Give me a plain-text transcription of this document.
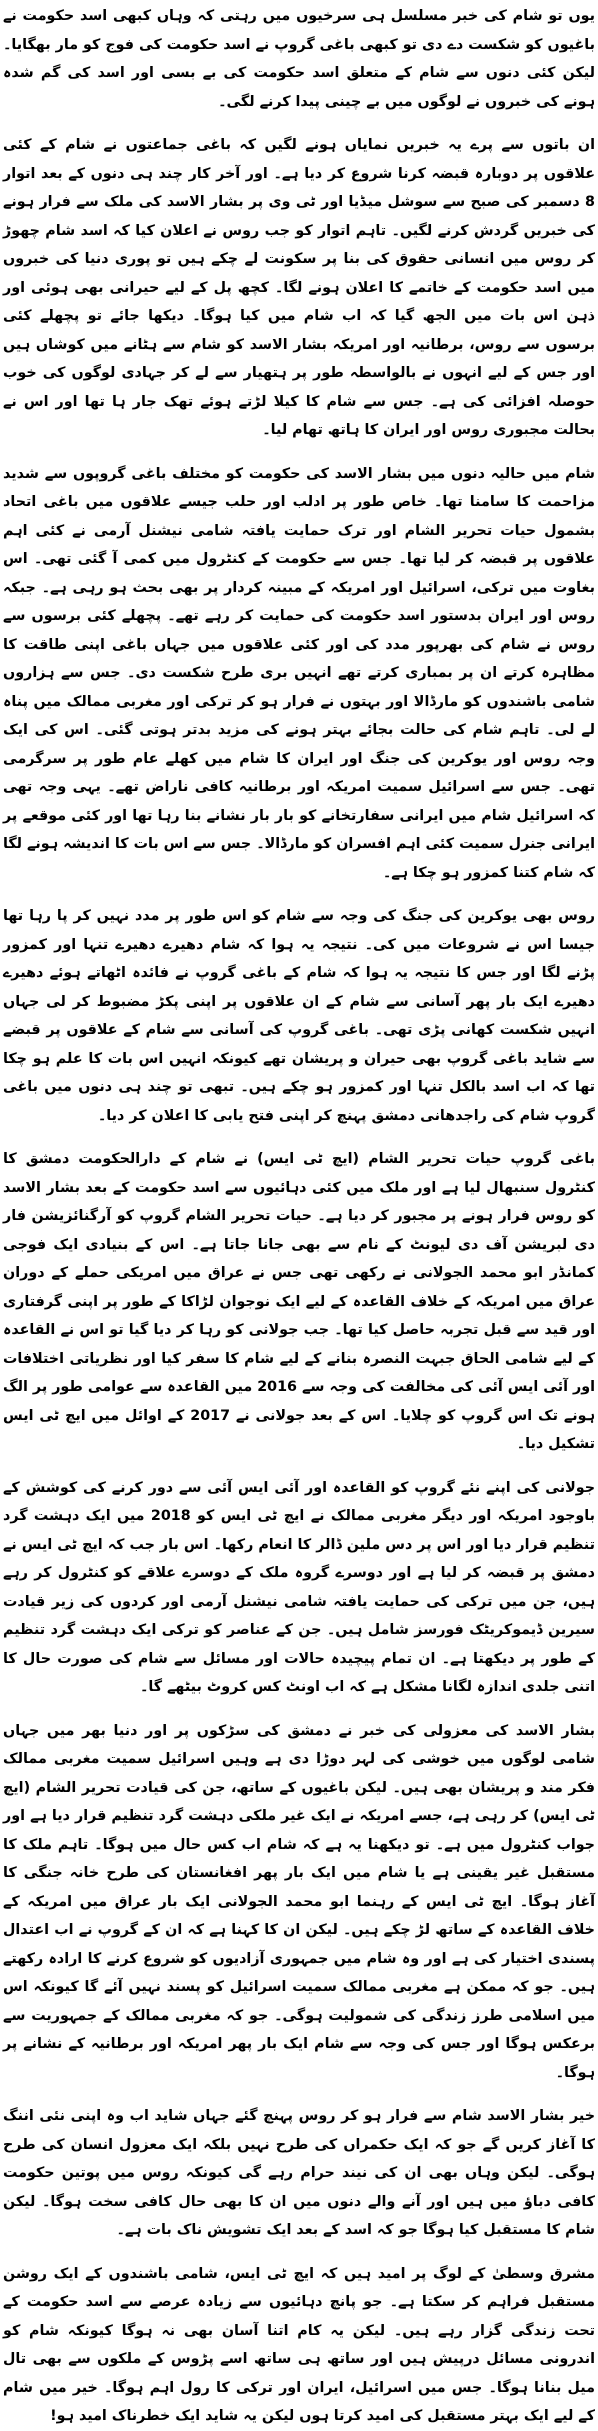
یوں تو شام کی خبر مسلسل ہی سرخیوں میں رہتی کہ وہاں کبھی اسد حکومت نے باغیوں کو شکست دے دی تو کبھی باغی گروپ نے اسد حکومت کی فوج کو مار بھگایا۔ لیکن کئی دنوں سے شام کے متعلق اسد حکومت کی بے بسی اور اسد کی گم شدہ ہونے کی خبروں نے لوگوں میں بے چینی پیدا کرنے لگی۔

ان باتوں سے پرے یہ خبریں نمایاں ہونے لگیں کہ باغی جماعتوں نے شام کے کئی علاقوں پر دوبارہ قبضہ کرنا شروع کر دیا ہے۔ اور آخر کار چند ہی دنوں کے بعد اتوار 8 دسمبر کی صبح سے سوشل میڈیا اور ٹی وی پر بشار الاسد کی ملک سے فرار ہونے کی خبریں گردش کرنے لگیں۔ تاہم اتوار کو جب روس نے اعلان کیا کہ اسد شام چھوڑ کر روس میں انسانی حقوق کی بنا پر سکونت لے چکے ہیں تو پوری دنیا کی خبروں میں اسد حکومت کے خاتمے کا اعلان ہونے لگا۔ کچھ پل کے لیے حیرانی بھی ہوئی اور ذہن اس بات میں الجھ گیا کہ اب شام میں کیا ہوگا۔ دیکھا جائے تو پچھلے کئی برسوں سے روس، برطانیہ اور امریکہ بشار الاسد کو شام سے ہٹانے میں کوشاں ہیں اور جس کے لیے انہوں نے بالواسطہ طور پر ہتھیار سے لے کر جہادی لوگوں کی خوب حوصلہ افزائی کی ہے۔ جس سے شام کا کیلا لڑتے ہوئے تھک جار ہا تھا اور اس نے بحالت مجبوری روس اور ایران کا ہاتھ تھام لیا۔

شام میں حالیہ دنوں میں بشار الاسد کی حکومت کو مختلف باغی گروپوں سے شدید مزاحمت کا سامنا تھا۔ خاص طور پر ادلب اور حلب جیسے علاقوں میں باغی اتحاد بشمول حیات تحریر الشام اور ترک حمایت یافتہ شامی نیشنل آرمی نے کئی اہم علاقوں پر قبضہ کر لیا تھا۔ جس سے حکومت کے کنٹرول میں کمی آ گئی تھی۔ اس بغاوت میں ترکی، اسرائیل اور امریکہ کے مبینہ کردار پر بھی بحث ہو رہی ہے۔ جبکہ روس اور ایران بدستور اسد حکومت کی حمایت کر رہے تھے۔ پچھلے کئی برسوں سے روس نے شام کی بھرپور مدد کی اور کئی علاقوں میں جہاں باغی اپنی طاقت کا مظاہرہ کرتے ان پر بمباری کرتے تھے انہیں بری طرح شکست دی۔ جس سے ہزاروں شامی باشندوں کو مارڈالا اور بہتوں نے فرار ہو کر ترکی اور مغربی ممالک میں پناہ لے لی۔ تاہم شام کی حالت بجائے بہتر ہونے کی مزید بدتر ہوتی گئی۔ اس کی ایک وجہ روس اور یوکرین کی جنگ اور ایران کا شام میں کھلے عام طور پر سرگرمی تھی۔ جس سے اسرائیل سمیت امریکہ اور برطانیہ کافی ناراض تھے۔ یہی وجہ تھی کہ اسرائیل شام میں ایرانی سفارتخانے کو بار بار نشانے بنا رہا تھا اور کئی موقعے پر ایرانی جنرل سمیت کئی اہم افسران کو مارڈالا۔ جس سے اس بات کا اندیشہ ہونے لگا کہ شام کتنا کمزور ہو چکا ہے۔

روس بھی یوکرین کی جنگ کی وجہ سے شام کو اس طور پر مدد نہیں کر پا رہا تھا جیسا اس نے شروعات میں کی۔ نتیجہ یہ ہوا کہ شام دھیرے دھیرے تنہا اور کمزور پڑنے لگا اور جس کا نتیجہ یہ ہوا کہ شام کے باغی گروپ نے فائدہ اٹھاتے ہوئے دھیرے دھیرے ایک بار پھر آسانی سے شام کے ان علاقوں پر اپنی پکڑ مضبوط کر لی جہاں انہیں شکست کھانی پڑی تھی۔ باغی گروپ کی آسانی سے شام کے علاقوں پر قبضے سے شاید باغی گروپ بھی حیران و پریشان تھے کیونکہ انہیں اس بات کا علم ہو چکا تھا کہ اب اسد بالکل تنہا اور کمزور ہو چکے ہیں۔ تبھی تو چند ہی دنوں میں باغی گروپ شام کی راجدھانی دمشق پہنچ کر اپنی فتح یابی کا اعلان کر دیا۔

باغی گروپ حیات تحریر الشام (ایچ ٹی ایس) نے شام کے دارالحکومت دمشق کا کنٹرول سنبھال لیا ہے اور ملک میں کئی دہائیوں سے اسد حکومت کے بعد بشار الاسد کو روس فرار ہونے پر مجبور کر دیا ہے۔ حیات تحریر الشام گروپ کو آرگنائزیشن فار دی لبریشن آف دی لیونٹ کے نام سے بھی جانا جاتا ہے۔ اس کے بنیادی ایک فوجی کمانڈر ابو محمد الجولانی نے رکھی تھی جس نے عراق میں امریکی حملے کے دوران عراق میں امریکہ کے خلاف القاعدہ کے لیے ایک نوجوان لڑاکا کے طور پر اپنی گرفتاری اور قید سے قبل تجربہ حاصل کیا تھا۔ جب جولانی کو رہا کر دیا گیا تو اس نے القاعدہ کے لیے شامی الحاق جبہت النصرہ بنانے کے لیے شام کا سفر کیا اور نظریاتی اختلافات اور آئی ایس آئی کی مخالفت کی وجہ سے 2016 میں القاعدہ سے عوامی طور پر الگ ہونے تک اس گروپ کو چلایا۔ اس کے بعد جولانی نے 2017 کے اوائل میں ایچ ٹی ایس تشکیل دیا۔

جولانی کی اپنے نئے گروپ کو القاعدہ اور آئی ایس آئی سے دور کرنے کی کوشش کے باوجود امریکہ اور دیگر مغربی ممالک نے ایچ ٹی ایس کو 2018 میں ایک دہشت گرد تنظیم قرار دیا اور اس پر دس ملین ڈالر کا انعام رکھا۔ اس بار جب کہ ایچ ٹی ایس نے دمشق پر قبضہ کر لیا ہے اور دوسرے گروہ ملک کے دوسرے علاقے کو کنٹرول کر رہے ہیں، جن میں ترکی کی حمایت یافتہ شامی نیشنل آرمی اور کردوں کی زیر قیادت سیرین ڈیموکریٹک فورسز شامل ہیں۔ جن کے عناصر کو ترکی ایک دہشت گرد تنظیم کے طور پر دیکھتا ہے۔ ان تمام پیچیدہ حالات اور مسائل سے شام کی صورت حال کا اتنی جلدی اندازہ لگانا مشکل ہے کہ اب اونٹ کس کروٹ بیٹھے گا۔

بشار الاسد کی معزولی کی خبر نے دمشق کی سڑکوں پر اور دنیا بھر میں جہاں شامی لوگوں میں خوشی کی لہر دوڑا دی ہے وہیں اسرائیل سمیت مغربی ممالک فکر مند و پریشان بھی ہیں۔ لیکن باغیوں کے ساتھ، جن کی قیادت تحریر الشام (ایچ ٹی ایس) کر رہی ہے، جسے امریکہ نے ایک غیر ملکی دہشت گرد تنظیم قرار دیا ہے اور جواب کنٹرول میں ہے۔ تو دیکھنا یہ ہے کہ شام اب کس حال میں ہوگا۔ تاہم ملک کا مستقبل غیر یقینی ہے یا شام میں ایک بار پھر افغانستان کی طرح خانہ جنگی کا آغاز ہوگا۔ ایچ ٹی ایس کے رہنما ابو محمد الجولانی ایک بار عراق میں امریکہ کے خلاف القاعدہ کے ساتھ لڑ چکے ہیں۔ لیکن ان کا کہنا ہے کہ ان کے گروپ نے اب اعتدال پسندی اختیار کی ہے اور وہ شام میں جمہوری آزادیوں کو شروع کرنے کا ارادہ رکھتے ہیں۔ جو کہ ممکن ہے مغربی ممالک سمیت اسرائیل کو پسند نہیں آئے گا کیونکہ اس میں اسلامی طرز زندگی کی شمولیت ہوگی۔ جو کہ مغربی ممالک کے جمہوریت سے برعکس ہوگا اور جس کی وجہ سے شام ایک بار پھر امریکہ اور برطانیہ کے نشانے پر ہوگا۔

خیر بشار الاسد شام سے فرار ہو کر روس پہنچ گئے جہاں شاید اب وہ اپنی نئی اننگ کا آغاز کریں گے جو کہ ایک حکمراں کی طرح نہیں بلکہ ایک معزول انسان کی طرح ہوگی۔ لیکن وہاں بھی ان کی نیند حرام رہے گی کیونکہ روس میں پوتین حکومت کافی دباؤ میں ہیں اور آنے والے دنوں میں ان کا بھی حال کافی سخت ہوگا۔ لیکن شام کا مستقبل کیا ہوگا جو کہ اسد کے بعد ایک تشویش ناک بات ہے۔

مشرق وسطیٰ کے لوگ پر امید ہیں کہ ایچ ٹی ایس، شامی باشندوں کے ایک روشن مستقبل فراہم کر سکتا ہے۔ جو پانچ دہائیوں سے زیادہ عرصے سے اسد حکومت کے تحت زندگی گزار رہے ہیں۔ لیکن یہ کام اتنا آسان بھی نہ ہوگا کیونکہ شام کو اندرونی مسائل درپیش ہیں اور ساتھ ہی ساتھ اسے پڑوس کے ملکوں سے بھی تال میل بنانا ہوگا۔ جس میں اسرائیل، ایران اور ترکی کا رول اہم ہوگا۔ خیر میں شام کے لیے ایک بہتر مستقبل کی امید کرتا ہوں لیکن یہ شاید ایک خطرناک امید ہو!
